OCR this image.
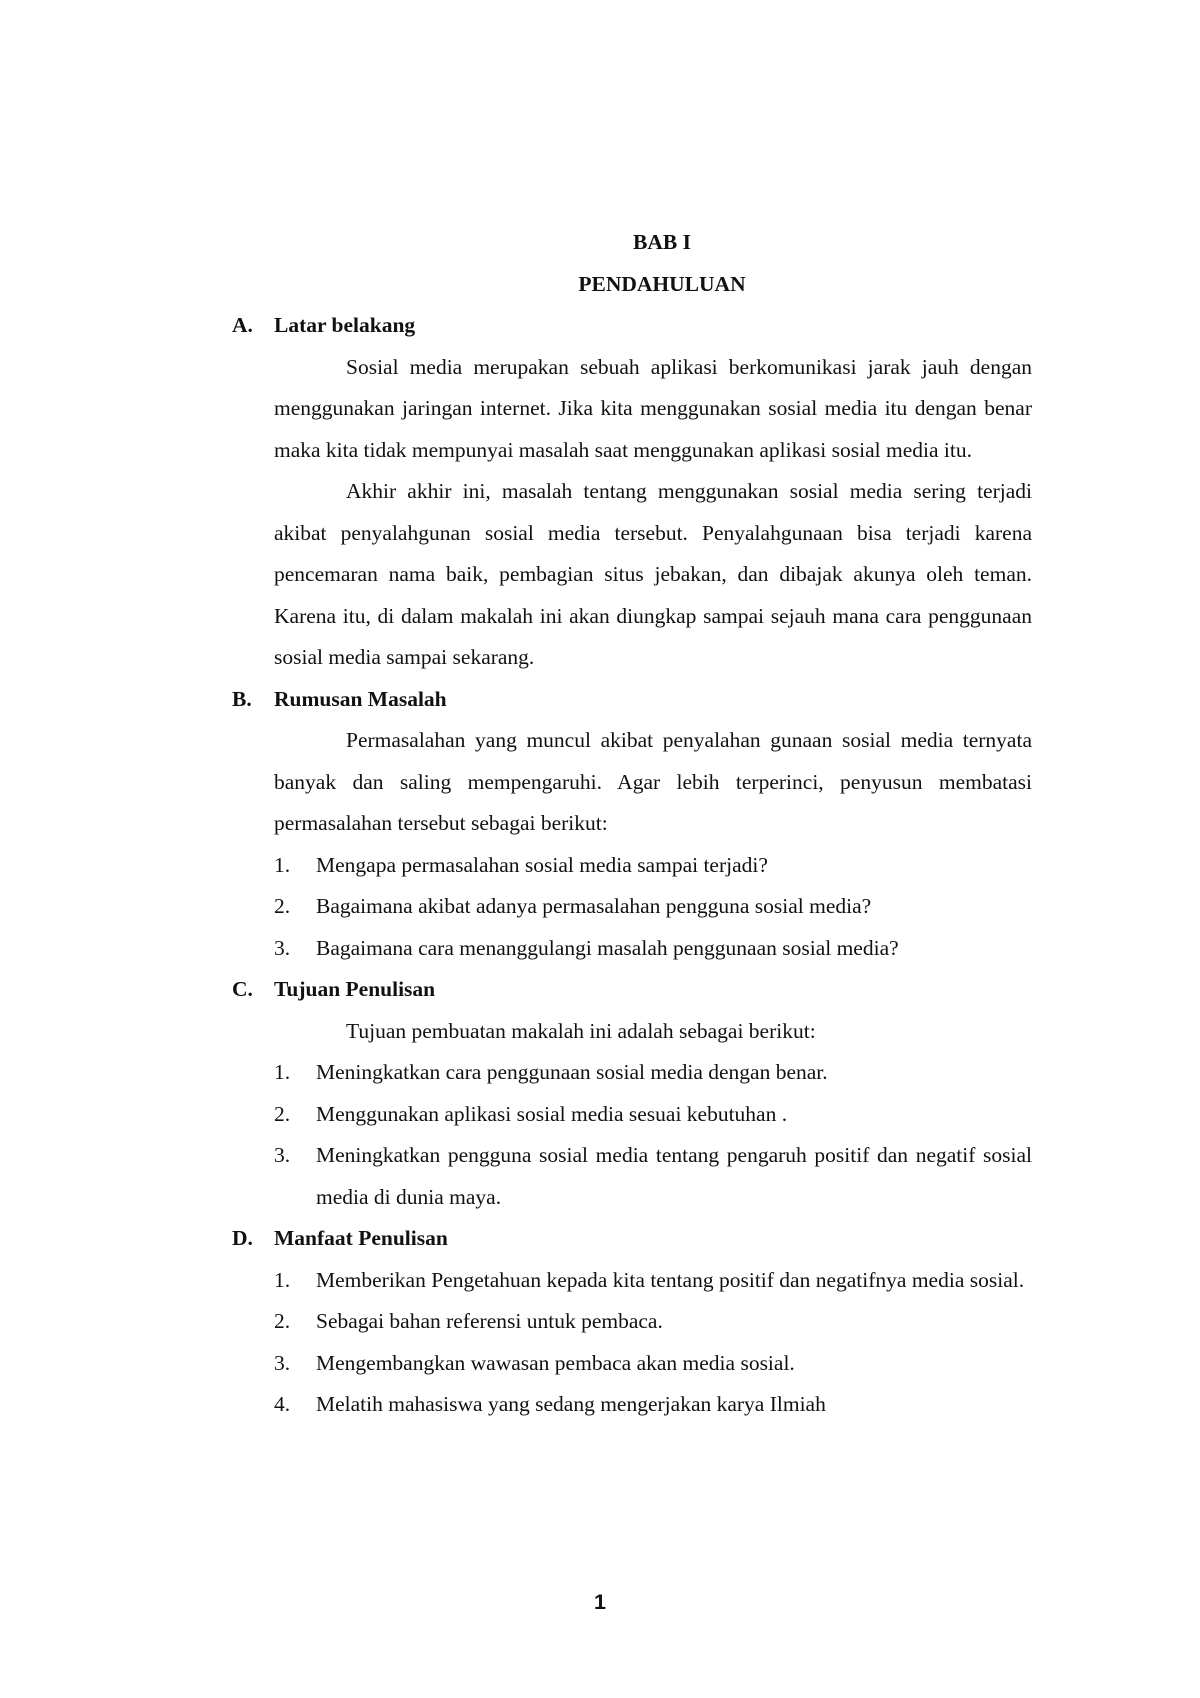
BAB I

PENDAHULUAN

A. Latar belakang

Sosial media merupakan sebuah aplikasi berkomunikasi jarak jauh dengan menggunakan jaringan internet. Jika kita menggunakan sosial media itu dengan benar maka kita tidak mempunyai masalah saat menggunakan aplikasi sosial media itu.

Akhir akhir ini, masalah tentang menggunakan sosial media sering terjadi akibat penyalahgunan sosial media tersebut. Penyalahgunaan bisa terjadi karena pencemaran nama baik, pembagian situs jebakan, dan dibajak akunya oleh teman. Karena itu, di dalam makalah ini akan diungkap sampai sejauh mana cara penggunaan sosial media sampai sekarang.

B.	Rumusan Masalah

Permasalahan yang muncul akibat penyalahan gunaan sosial media ternyata banyak dan saling mempengaruhi. Agar lebih terperinci, penyusun membatasi permasalahan tersebut sebagai berikut:

1.	Mengapa permasalahan sosial media sampai terjadi?
2.	Bagaimana akibat adanya permasalahan pengguna sosial media?
3.	Bagaimana cara menanggulangi masalah penggunaan sosial media?

C. Tujuan Penulisan

Tujuan pembuatan makalah ini adalah sebagai berikut:

1.	Meningkatkan cara penggunaan sosial media dengan benar.
2.	Menggunakan aplikasi sosial media sesuai kebutuhan .
3.	Meningkatkan pengguna sosial media tentang pengaruh positif dan negatif sosial media di dunia maya.

D. Manfaat Penulisan

1.	Memberikan Pengetahuan kepada kita tentang positif dan negatifnya media sosial.
2.	Sebagai bahan referensi untuk pembaca.
3.	Mengembangkan wawasan pembaca akan media sosial.
4.	Melatih mahasiswa yang sedang mengerjakan karya Ilmiah
1
